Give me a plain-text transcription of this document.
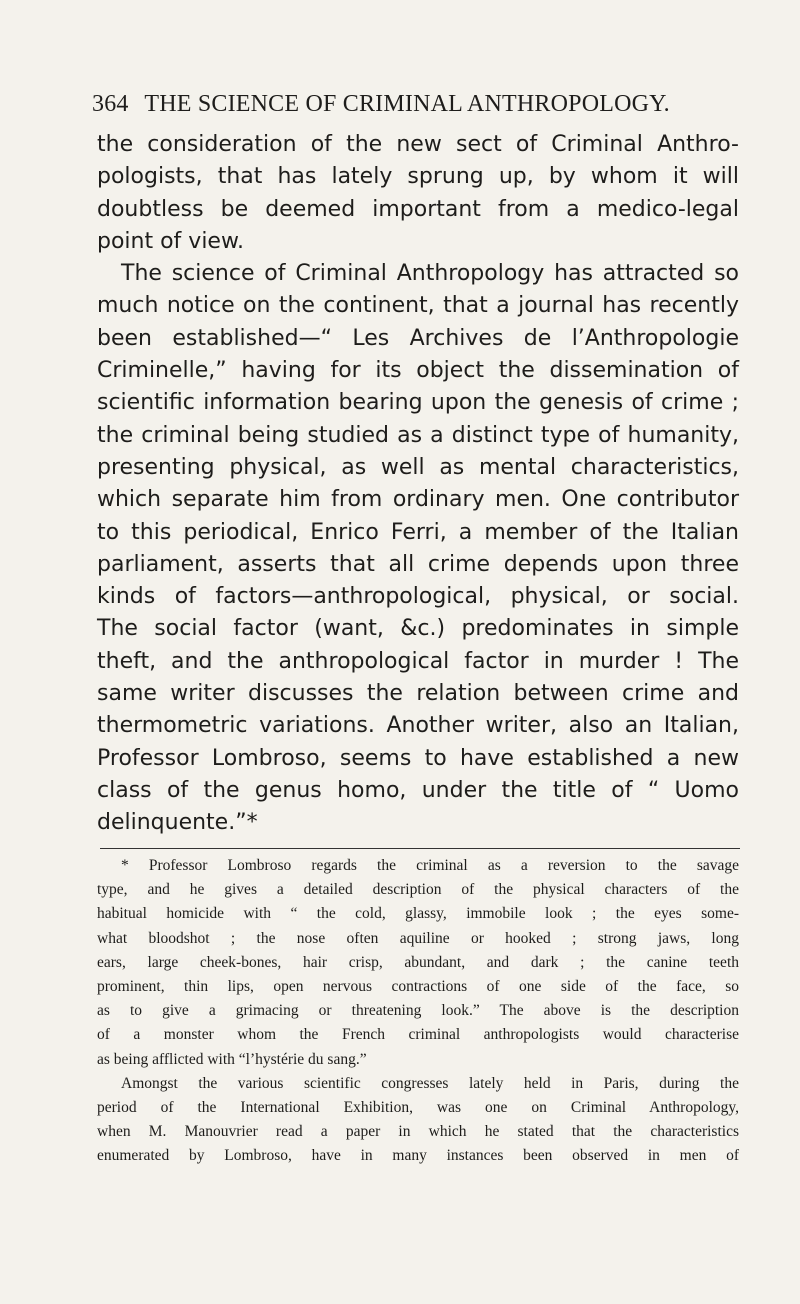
364 THE SCIENCE OF CRIMINAL ANTHROPOLOGY.
the consideration of the new sect of Criminal Anthro-
pologists, that has lately sprung up, by whom it will
doubtless be deemed important from a medico-legal
point of view.
The science of Criminal Anthropology has attracted so
much notice on the continent, that a journal has recently
been established—“ Les Archives de l’Anthropologie
Criminelle,” having for its object the dissemination of
scientific information bearing upon the genesis of crime ;
the criminal being studied as a distinct type of humanity,
presenting physical, as well as mental characteristics,
which separate him from ordinary men. One contributor
to this periodical, Enrico Ferri, a member of the Italian
parliament, asserts that all crime depends upon three
kinds of factors—anthropological, physical, or social.
The social factor (want, &c.) predominates in simple
theft, and the anthropological factor in murder ! The
same writer discusses the relation between crime and
thermometric variations. Another writer, also an Italian,
Professor Lombroso, seems to have established a new
class of the genus homo, under the title of “ Uomo
delinquente.”*
* Professor Lombroso regards the criminal as a reversion to the savage
type, and he gives a detailed description of the physical characters of the
habitual homicide with “ the cold, glassy, immobile look ; the eyes some-
what bloodshot ; the nose often aquiline or hooked ; strong jaws, long
ears, large cheek-bones, hair crisp, abundant, and dark ; the canine teeth
prominent, thin lips, open nervous contractions of one side of the face, so
as to give a grimacing or threatening look.” The above is the description
of a monster whom the French criminal anthropologists would characterise
as being afflicted with “l’hystérie du sang.”
Amongst the various scientific congresses lately held in Paris, during the
period of the International Exhibition, was one on Criminal Anthropology,
when M. Manouvrier read a paper in which he stated that the characteristics
enumerated by Lombroso, have in many instances been observed in men of
